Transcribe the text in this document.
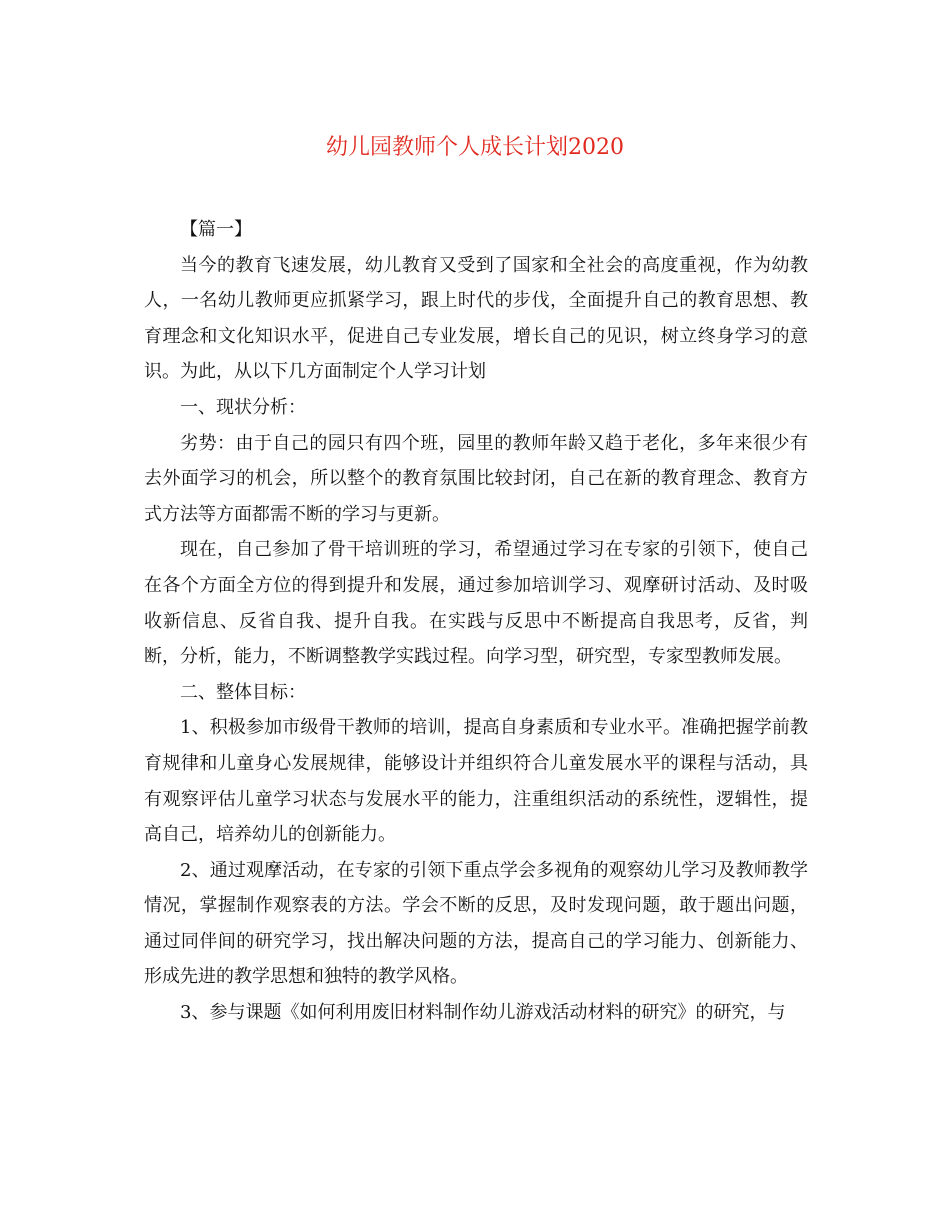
幼儿园教师个人成长计划2020

【篇一】

当今的教育飞速发展，幼儿教育又受到了国家和全社会的高度重视，作为幼教人，一名幼儿教师更应抓紧学习，跟上时代的步伐，全面提升自己的教育思想、教育理念和文化知识水平，促进自己专业发展，增长自己的见识，树立终身学习的意识。为此，从以下几方面制定个人学习计划

一、现状分析：

劣势：由于自己的园只有四个班，园里的教师年龄又趋于老化，多年来很少有去外面学习的机会，所以整个的教育氛围比较封闭，自己在新的教育理念、教育方式方法等方面都需不断的学习与更新。

现在，自己参加了骨干培训班的学习，希望通过学习在专家的引领下，使自己在各个方面全方位的得到提升和发展，通过参加培训学习、观摩研讨活动、及时吸收新信息、反省自我、提升自我。在实践与反思中不断提高自我思考，反省，判断，分析，能力，不断调整教学实践过程。向学习型，研究型，专家型教师发展。

二、整体目标：

1、积极参加市级骨干教师的培训，提高自身素质和专业水平。准确把握学前教育规律和儿童身心发展规律，能够设计并组织符合儿童发展水平的课程与活动，具有观察评估儿童学习状态与发展水平的能力，注重组织活动的系统性，逻辑性，提高自己，培养幼儿的创新能力。

2、通过观摩活动，在专家的引领下重点学会多视角的观察幼儿学习及教师教学情况，掌握制作观察表的方法。学会不断的反思，及时发现问题，敢于题出问题，通过同伴间的研究学习，找出解决问题的方法，提高自己的学习能力、创新能力、形成先进的教学思想和独特的教学风格。

3、参与课题《如何利用废旧材料制作幼儿游戏活动材料的研究》的研究，与
